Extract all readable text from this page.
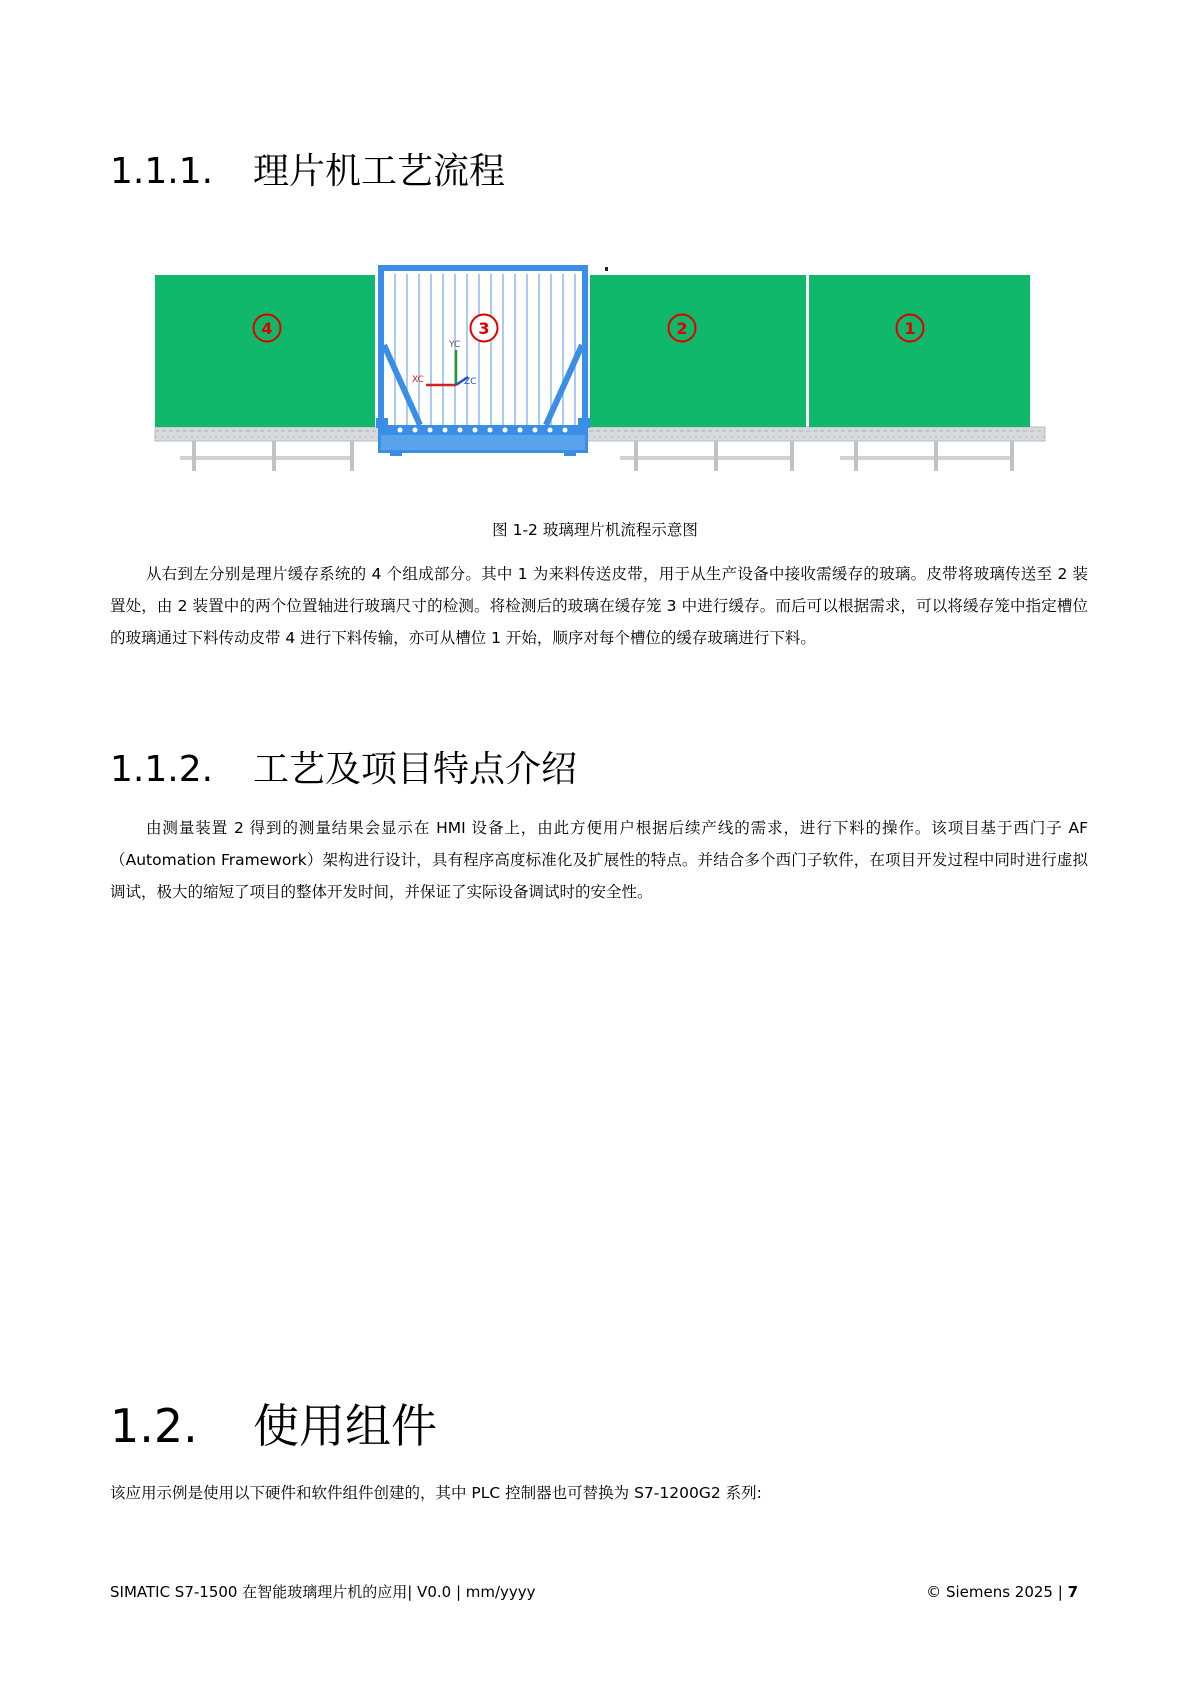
1.1.1. 理片机工艺流程
YC
XC	ZC
4	3	2	1
图 1-2 玻璃理片机流程示意图

从右到左分别是理片缓存系统的 4 个组成部分。其中 1 为来料传送皮带，用于从生产设备中接收需缓存的玻璃。皮带将玻璃传送至 2 装置处，由 2 装置中的两个位置轴进行玻璃尺寸的检测。将检测后的玻璃在缓存笼 3 中进行缓存。而后可以根据需求，可以将缓存笼中指定槽位的玻璃通过下料传动皮带 4 进行下料传输，亦可从槽位 1 开始，顺序对每个槽位的缓存玻璃进行下料。

1.1.2. 工艺及项目特点介绍

由测量装置 2 得到的测量结果会显示在 HMI 设备上，由此方便用户根据后续产线的需求，进行下料的操作。该项目基于西门子 AF（Automation Framework）架构进行设计，具有程序高度标准化及扩展性的特点。并结合多个西门子软件，在项目开发过程中同时进行虚拟调试，极大的缩短了项目的整体开发时间，并保证了实际设备调试时的安全性。

1.2. 使用组件

该应用示例是使用以下硬件和软件组件创建的，其中 PLC 控制器也可替换为 S7-1200G2 系列:

SIMATIC S7-1500 在智能玻璃理片机的应用| V0.0 | mm/yyyy	© Siemens 2025 | 7
